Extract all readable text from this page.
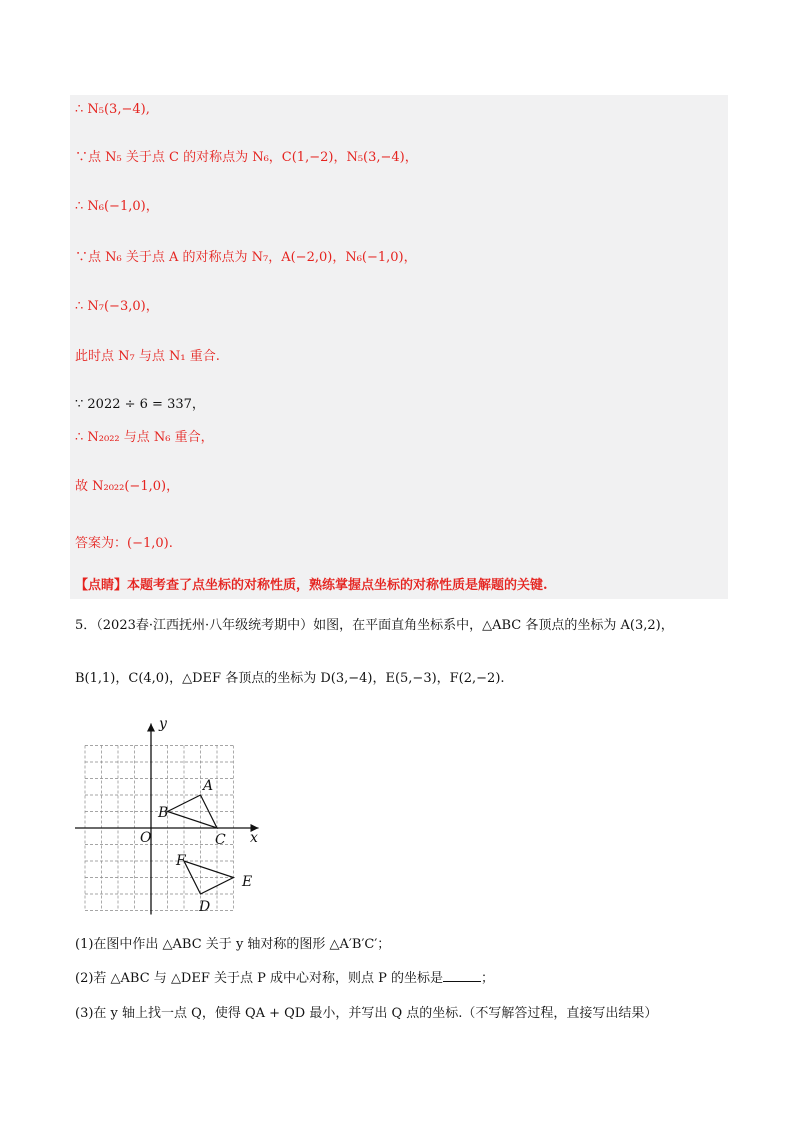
∴ N₅(3,−4),
∵点 N₅ 关于点 C 的对称点为 N₆，C(1,−2)，N₅(3,−4)，
∴ N₆(−1,0)，
∵点 N₆ 关于点 A 的对称点为 N₇，A(−2,0)，N₆(−1,0)，
∴ N₇(−3,0)，
此时点 N₇ 与点 N₁ 重合.
∵ 2022 ÷ 6 = 337，
∴ N₂₀₂₂ 与点 N₆ 重合，
故 N₂₀₂₂(−1,0)，
答案为：(−1,0).
【点睛】本题考查了点坐标的对称性质，熟练掌握点坐标的对称性质是解题的关键.
5．（2023春·江西抚州·八年级统考期中）如图，在平面直角坐标系中，△ABC 各顶点的坐标为 A(3,2)，
B(1,1)，C(4,0)，△DEF 各顶点的坐标为 D(3,−4)，E(5,−3)，F(2,−2).
y
x
O
A
B
C
D
E
F
(1)在图中作出 △ABC 关于 y 轴对称的图形 △A′B′C′；
(2)若 △ABC 与 △DEF 关于点 P 成中心对称，则点 P 的坐标是	；
(3)在 y 轴上找一点 Q，使得 QA + QD 最小，并写出 Q 点的坐标.（不写解答过程，直接写出结果）
